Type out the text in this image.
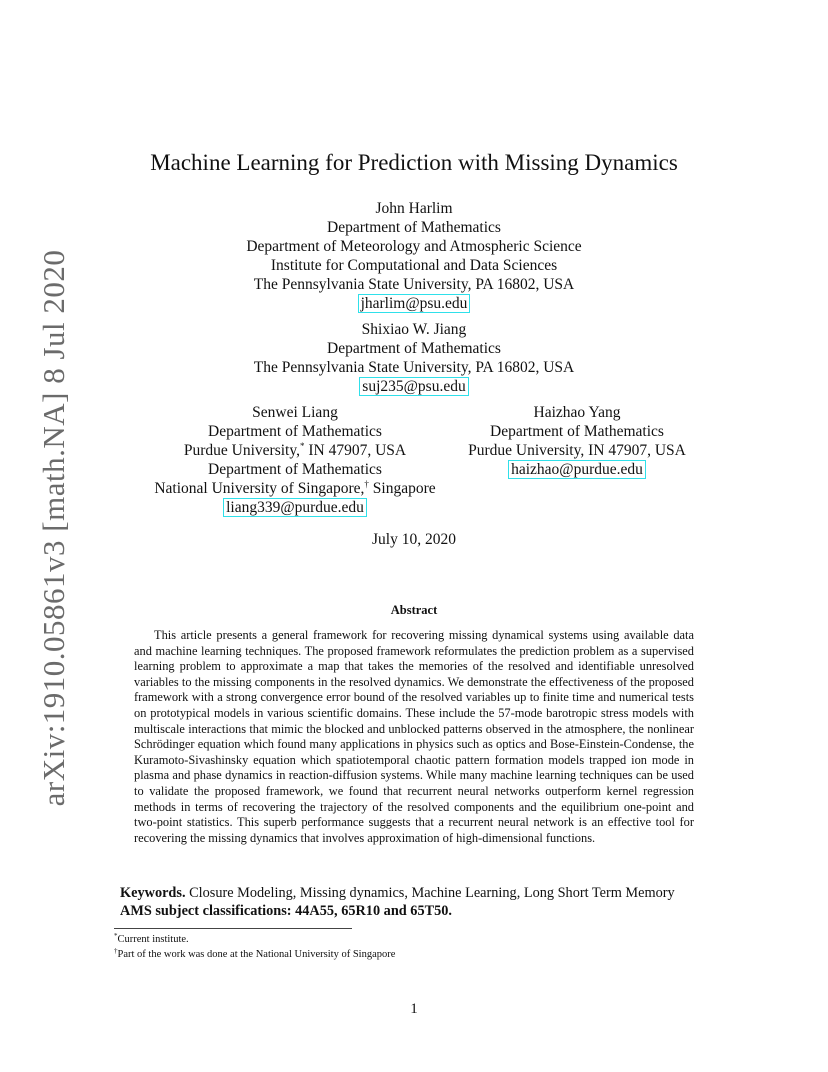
arXiv:1910.05861v3 [math.NA] 8 Jul 2020
Machine Learning for Prediction with Missing Dynamics
John Harlim
Department of Mathematics
Department of Meteorology and Atmospheric Science
Institute for Computational and Data Sciences
The Pennsylvania State University, PA 16802, USA
jharlim@psu.edu
Shixiao W. Jiang
Department of Mathematics
The Pennsylvania State University, PA 16802, USA
suj235@psu.edu
Senwei Liang
Department of Mathematics
Purdue University,* IN 47907, USA
Department of Mathematics
National University of Singapore,† Singapore
liang339@purdue.edu
Haizhao Yang
Department of Mathematics
Purdue University, IN 47907, USA
haizhao@purdue.edu
July 10, 2020
Abstract
This article presents a general framework for recovering missing dynamical systems using available data and machine learning techniques. The proposed framework reformulates the prediction problem as a supervised learning problem to approximate a map that takes the memories of the resolved and identifiable unresolved variables to the missing components in the resolved dynamics. We demonstrate the effectiveness of the proposed framework with a strong convergence error bound of the resolved variables up to finite time and numerical tests on prototypical models in various scientific domains. These include the 57-mode barotropic stress models with multiscale interactions that mimic the blocked and unblocked patterns observed in the atmosphere, the nonlinear Schrödinger equation which found many applications in physics such as optics and Bose-Einstein-Condense, the Kuramoto-Sivashinsky equation which spatiotemporal chaotic pattern formation models trapped ion mode in plasma and phase dynamics in reaction-diffusion systems. While many machine learning techniques can be used to validate the proposed framework, we found that recurrent neural networks outperform kernel regression methods in terms of recovering the trajectory of the resolved components and the equilibrium one-point and two-point statistics. This superb performance suggests that a recurrent neural network is an effective tool for recovering the missing dynamics that involves approximation of high-dimensional functions.
Keywords. Closure Modeling, Missing dynamics, Machine Learning, Long Short Term Memory
AMS subject classifications: 44A55, 65R10 and 65T50.
*Current institute.
†Part of the work was done at the National University of Singapore
1
